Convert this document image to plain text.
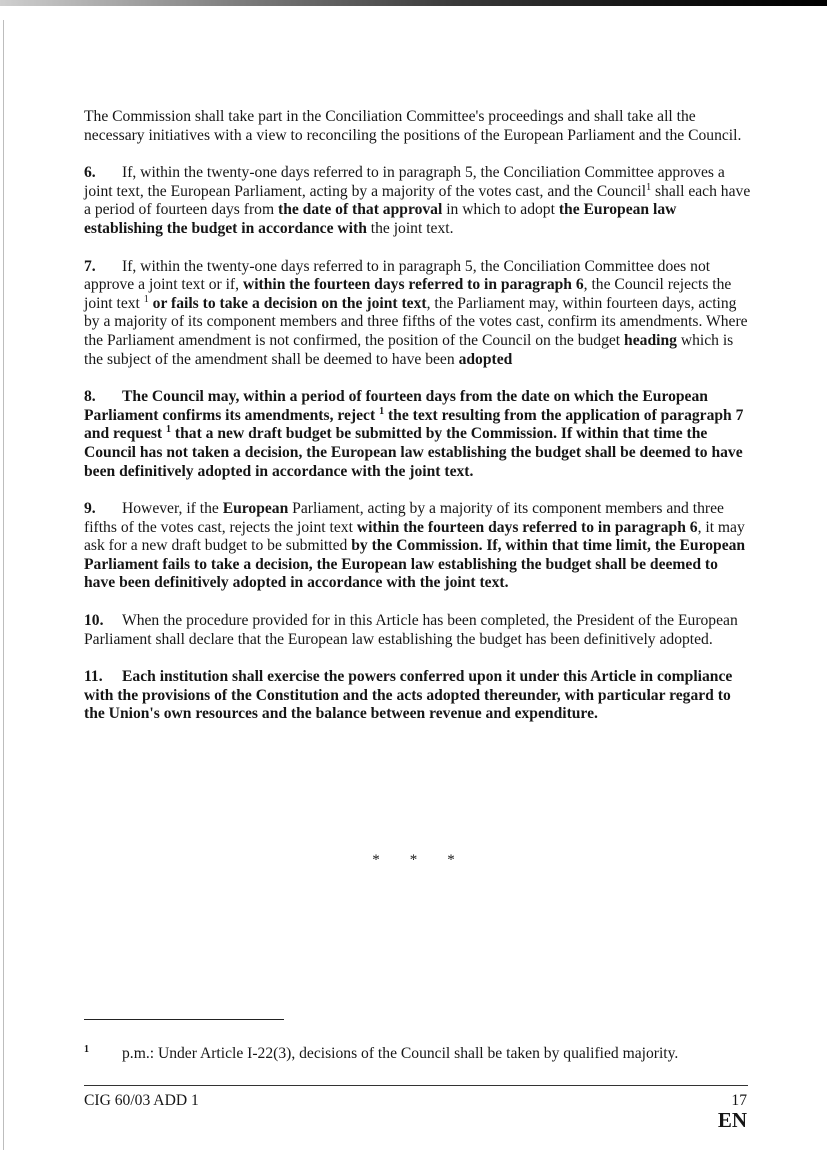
The Commission shall take part in the Conciliation Committee's proceedings and shall take all the necessary initiatives with a view to reconciling the positions of the European Parliament and the Council.

6. If, within the twenty-one days referred to in paragraph 5, the Conciliation Committee approves a joint text, the European Parliament, acting by a majority of the votes cast, and the Council$^1$ shall each have a period of fourteen days from the date of that approval in which to adopt the European law establishing the budget in accordance with the joint text.

7. If, within the twenty-one days referred to in paragraph 5, the Conciliation Committee does not approve a joint text or if, within the fourteen days referred to in paragraph 6, the Council rejects the joint text $^1$ or fails to take a decision on the joint text, the Parliament may, within fourteen days, acting by a majority of its component members and three fifths of the votes cast, confirm its amendments. Where the Parliament amendment is not confirmed, the position of the Council on the budget heading which is the subject of the amendment shall be deemed to have been adopted

8. The Council may, within a period of fourteen days from the date on which the European Parliament confirms its amendments, reject $^1$ the text resulting from the application of paragraph 7 and request $^1$ that a new draft budget be submitted by the Commission. If within that time the Council has not taken a decision, the European law establishing the budget shall be deemed to have been definitively adopted in accordance with the joint text.

9. However, if the European Parliament, acting by a majority of its component members and three fifths of the votes cast, rejects the joint text within the fourteen days referred to in paragraph 6, it may ask for a new draft budget to be submitted by the Commission. If, within that time limit, the European Parliament fails to take a decision, the European law establishing the budget shall be deemed to have been definitively adopted in accordance with the joint text.

10. When the procedure provided for in this Article has been completed, the President of the European Parliament shall declare that the European law establishing the budget has been definitively adopted.

11. Each institution shall exercise the powers conferred upon it under this Article in compliance with the provisions of the Constitution and the acts adopted thereunder, with particular regard to the Union's own resources and the balance between revenue and expenditure.

* * *
1 p.m.: Under Article I-22(3), decisions of the Council shall be taken by qualified majority.
CIG 60/03 ADD 1	17
EN
